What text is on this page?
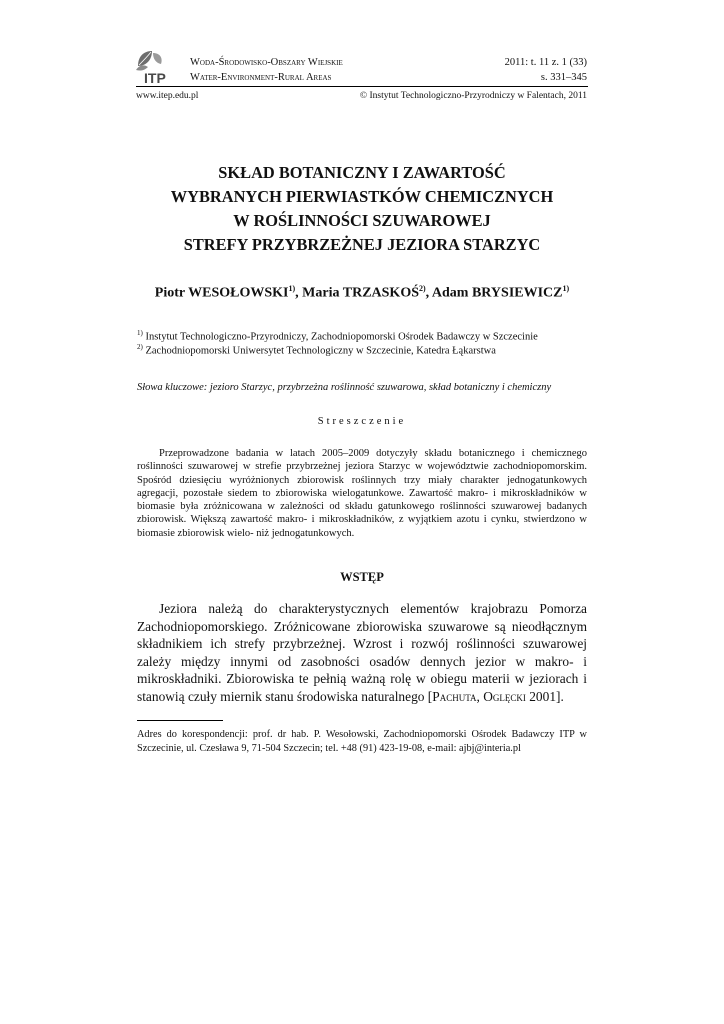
ITP
Woda-Środowisko-Obszary Wiejskie
Water-Environment-Rural Areas
2011: t. 11 z. 1 (33)
s. 331–345
www.itep.edu.pl	© Instytut Technologiczno-Przyrodniczy w Falentach, 2011
SKŁAD BOTANICZNY I ZAWARTOŚĆ
WYBRANYCH PIERWIASTKÓW CHEMICZNYCH
W ROŚLINNOŚCI SZUWAROWEJ
STREFY PRZYBRZEŻNEJ JEZIORA STARZYC
Piotr WESOŁOWSKI$^{1)}$, Maria TRZASKOŚ$^{2)}$, Adam BRYSIEWICZ$^{1)}$
$^{1)}$ Instytut Technologiczno-Przyrodniczy, Zachodniopomorski Ośrodek Badawczy w Szczecinie
$^{2)}$ Zachodniopomorski Uniwersytet Technologiczny w Szczecinie, Katedra Łąkarstwa
Słowa kluczowe: jezioro Starzyc, przybrzeżna roślinność szuwarowa, skład botaniczny i chemiczny
Streszczenie

Przeprowadzone badania w latach 2005–2009 dotyczyły składu botanicznego i chemicznego roślinności szuwarowej w strefie przybrzeżnej jeziora Starzyc w województwie zachodniopomorskim. Spośród dziesięciu wyróżnionych zbiorowisk roślinnych trzy miały charakter jednogatunkowych agregacji, pozostałe siedem to zbiorowiska wielogatunkowe. Zawartość makro- i mikroskładników w biomasie była zróżnicowana w zależności od składu gatunkowego roślinności szuwarowej badanych zbiorowisk. Większą zawartość makro- i mikroskładników, z wyjątkiem azotu i cynku, stwierdzono w biomasie zbiorowisk wielo- niż jednogatunkowych.

WSTĘP

Jeziora należą do charakterystycznych elementów krajobrazu Pomorza Zachodniopomorskiego. Zróżnicowane zbiorowiska szuwarowe są nieodłącznym składnikiem ich strefy przybrzeżnej. Wzrost i rozwój roślinności szuwarowej zależy między innymi od zasobności osadów dennych jezior w makro- i mikroskładniki. Zbiorowiska te pełnią ważną rolę w obiegu materii w jeziorach i stanowią czuły miernik stanu środowiska naturalnego [Pachuta, Oglęcki 2001].

Adres do korespondencji: prof. dr hab. P. Wesołowski, Zachodniopomorski Ośrodek Badawczy ITP w Szczecinie, ul. Czesława 9, 71-504 Szczecin; tel. +48 (91) 423-19-08, e-mail: ajbj@interia.pl
